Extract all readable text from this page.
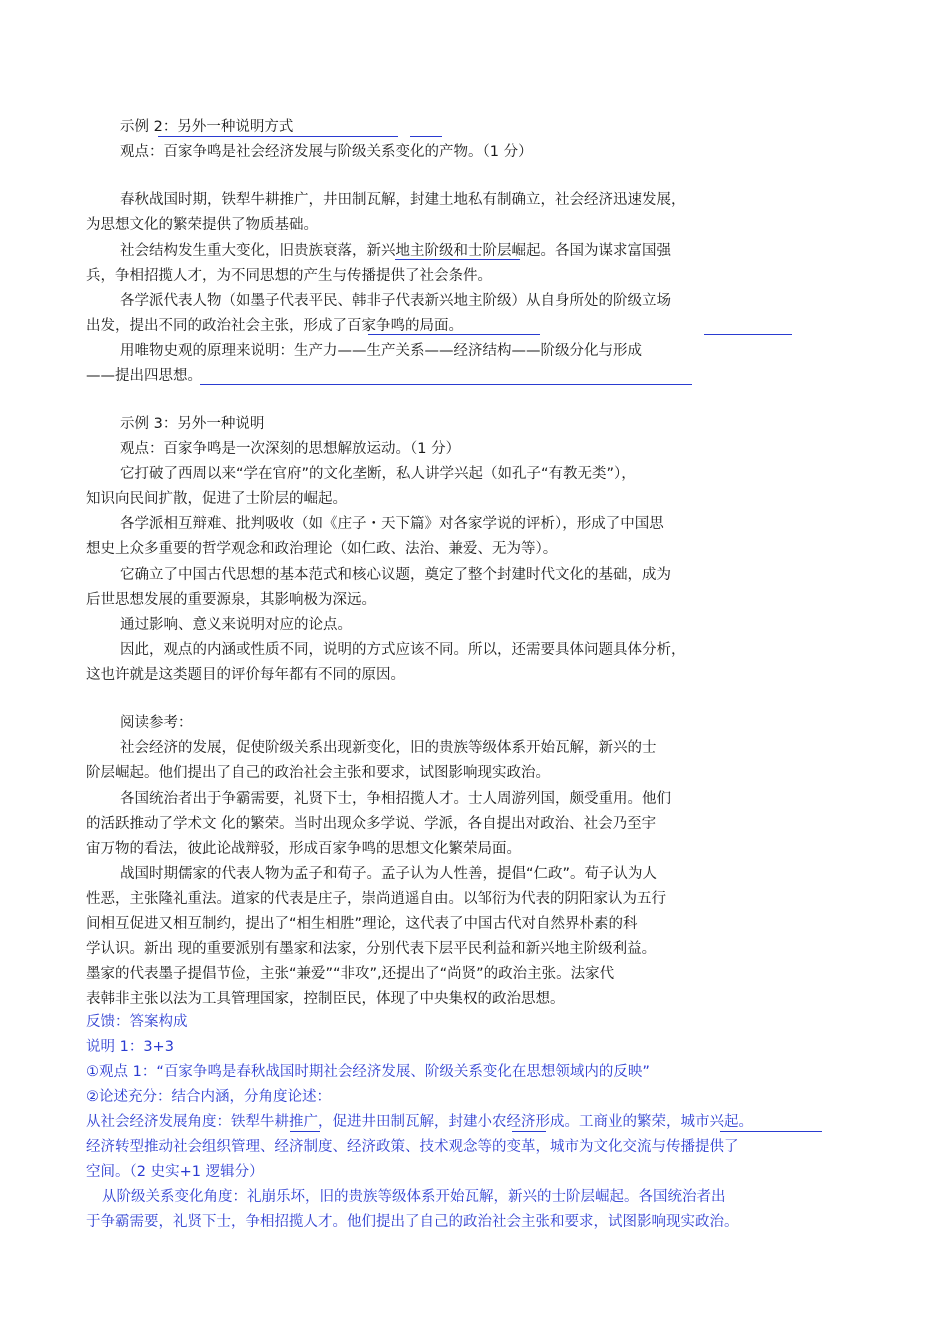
示例 2：另外一种说明方式
观点：百家争鸣是社会经济发展与阶级关系变化的产物。（1 分）
春秋战国时期，铁犁牛耕推广，井田制瓦解，封建土地私有制确立，社会经济迅速发展，
为思想文化的繁荣提供了物质基础。
社会结构发生重大变化，旧贵族衰落，新兴地主阶级和士阶层崛起。各国为谋求富国强
兵，争相招揽人才，为不同思想的产生与传播提供了社会条件。
各学派代表人物（如墨子代表平民、韩非子代表新兴地主阶级）从自身所处的阶级立场
出发，提出不同的政治社会主张，形成了百家争鸣的局面。
用唯物史观的原理来说明：生产力——生产关系——经济结构——阶级分化与形成
——提出四思想。
示例 3：另外一种说明
观点：百家争鸣是一次深刻的思想解放运动。（1 分）
它打破了西周以来“学在官府”的文化垄断，私人讲学兴起（如孔子“有教无类”），
知识向民间扩散，促进了士阶层的崛起。
各学派相互辩难、批判吸收（如《庄子・天下篇》对各家学说的评析），形成了中国思
想史上众多重要的哲学观念和政治理论（如仁政、法治、兼爱、无为等）。
它确立了中国古代思想的基本范式和核心议题，奠定了整个封建时代文化的基础，成为
后世思想发展的重要源泉，其影响极为深远。
通过影响、意义来说明对应的论点。
因此，观点的内涵或性质不同，说明的方式应该不同。所以，还需要具体问题具体分析，
这也许就是这类题目的评价每年都有不同的原因。
阅读参考：
社会经济的发展，促使阶级关系出现新变化，旧的贵族等级体系开始瓦解，新兴的士
阶层崛起。他们提出了自己的政治社会主张和要求，试图影响现实政治。
各国统治者出于争霸需要，礼贤下士，争相招揽人才。士人周游列国，颇受重用。他们
的活跃推动了学术文 化的繁荣。当时出现众多学说、学派，各自提出对政治、社会乃至宇
宙万物的看法，彼此论战辩驳，形成百家争鸣的思想文化繁荣局面。
战国时期儒家的代表人物为孟子和荀子。孟子认为人性善，提倡“仁政”。荀子认为人
性恶，主张隆礼重法。道家的代表是庄子，崇尚逍遥自由。以邹衍为代表的阴阳家认为五行
间相互促进又相互制约，提出了“相生相胜”理论，这代表了中国古代对自然界朴素的科
学认识。新出 现的重要派别有墨家和法家，分别代表下层平民利益和新兴地主阶级利益。
墨家的代表墨子提倡节俭，主张“兼爱”“非攻”,还提出了“尚贤”的政治主张。法家代
表韩非主张以法为工具管理国家，控制臣民，体现了中央集权的政治思想。
反馈：答案构成
说明 1：3+3
①观点 1：“百家争鸣是春秋战国时期社会经济发展、阶级关系变化在思想领域内的反映”
②论述充分：结合内涵，分角度论述：
从社会经济发展角度：铁犁牛耕推广，促进井田制瓦解，封建小农经济形成。工商业的繁荣，城市兴起。
经济转型推动社会组织管理、经济制度、经济政策、技术观念等的变革，城市为文化交流与传播提供了
空间。（2 史实+1 逻辑分）
从阶级关系变化角度：礼崩乐坏，旧的贵族等级体系开始瓦解，新兴的士阶层崛起。各国统治者出
于争霸需要，礼贤下士，争相招揽人才。他们提出了自己的政治社会主张和要求，试图影响现实政治。
